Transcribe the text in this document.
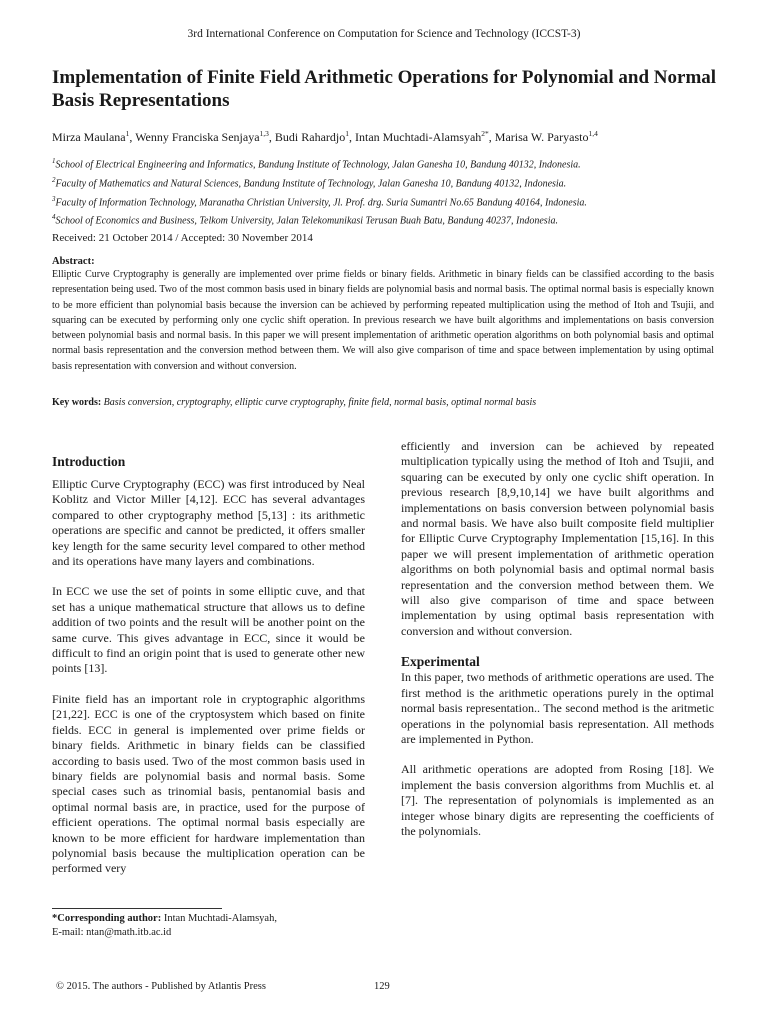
3rd International Conference on Computation for Science and Technology (ICCST-3)
Implementation of Finite Field Arithmetic Operations for Polynomial and Normal Basis Representations
Mirza Maulana$^1$, Wenny Franciska Senjaya$^{1,3}$, Budi Rahardjo$^1$, Intan Muchtadi-Alamsyah$^{2*}$, Marisa W. Paryasto$^{1,4}$
$^1$School of Electrical Engineering and Informatics, Bandung Institute of Technology, Jalan Ganesha 10, Bandung 40132, Indonesia.
$^2$Faculty of Mathematics and Natural Sciences, Bandung Institute of Technology, Jalan Ganesha 10, Bandung 40132, Indonesia.
$^3$Faculty of Information Technology, Maranatha Christian University, Jl. Prof. drg. Suria Sumantri No.65 Bandung 40164, Indonesia.
$^4$School of Economics and Business, Telkom University, Jalan Telekomunikasi Terusan Buah Batu, Bandung 40237, Indonesia.
Received: 21 October 2014 / Accepted: 30 November 2014
Abstract:
Elliptic Curve Cryptography is generally are implemented over prime fields or binary fields. Arithmetic in binary fields can be classified according to the basis representation being used. Two of the most common basis used in binary fields are polynomial basis and normal basis. The optimal normal basis is especially known to be more efficient than polynomial basis because the inversion can be achieved by performing repeated multiplication using the method of Itoh and Tsujii, and squaring can be executed by performing only one cyclic shift operation. In previous research we have built algorithms and implementations on basis conversion between polynomial basis and normal basis. In this paper we will present implementation of arithmetic operation algorithms on both polynomial basis and optimal normal basis representation and the conversion method between them. We will also give comparison of time and space between implementation by using optimal basis representation with conversion and without conversion.
Key words: Basis conversion, cryptography, elliptic curve cryptography, finite field, normal basis, optimal normal basis
Introduction

Elliptic Curve Cryptography (ECC) was first introduced by Neal Koblitz and Victor Miller [4,12]. ECC has several advantages compared to other cryptography method [5,13] : its arithmetic operations are specific and cannot be predicted, it offers smaller key length for the same security level compared to other method and its operations have many layers and combinations.

In ECC we use the set of points in some elliptic cuve, and that set has a unique mathematical structure that allows us to define addition of two points and the result will be another point on the same curve. This gives advantage in ECC, since it would be difficult to find an origin point that is used to generate other new points [13].

Finite field has an important role in cryptographic algorithms [21,22]. ECC is one of the cryptosystem which based on finite fields. ECC in general is implemented over prime fields or binary fields. Arithmetic in binary fields can be classified according to basis used. Two of the most common basis used in binary fields are polynomial basis and normal basis. Some special cases such as trinomial basis, pentanomial basis and optimal normal basis are, in practice, used for the purpose of efficient operations. The optimal normal basis especially are known to be more efficient for hardware implementation than polynomial basis because the multiplication operation can be performed very

efficiently and inversion can be achieved by repeated multiplication typically using the method of Itoh and Tsujii, and squaring can be executed by only one cyclic shift operation. In previous research [8,9,10,14] we have built algorithms and implementations on basis conversion between polynomial basis and normal basis. We have also built composite field multiplier for Elliptic Curve Cryptography Implementation [15,16]. In this paper we will present implementation of arithmetic operation algorithms on both polynomial basis and optimal normal basis representation and the conversion method between them. We will also give comparison of time and space between implementation by using optimal basis representation with conversion and without conversion.

Experimental

In this paper, two methods of arithmetic operations are used. The first method is the arithmetic operations purely in the optimal normal basis representation.. The second method is the aritmetic operations in the polynomial basis representation. All methods are implemented in Python.

All arithmetic operations are adopted from Rosing [18]. We implement the basis conversion algorithms from Muchlis et. al [7]. The representation of polynomials is implemented as an integer whose binary digits are representing the coefficients of the polynomials.

*Corresponding author: Intan Muchtadi-Alamsyah,
E-mail: ntan@math.itb.ac.id
© 2015. The authors - Published by Atlantis Press	129
